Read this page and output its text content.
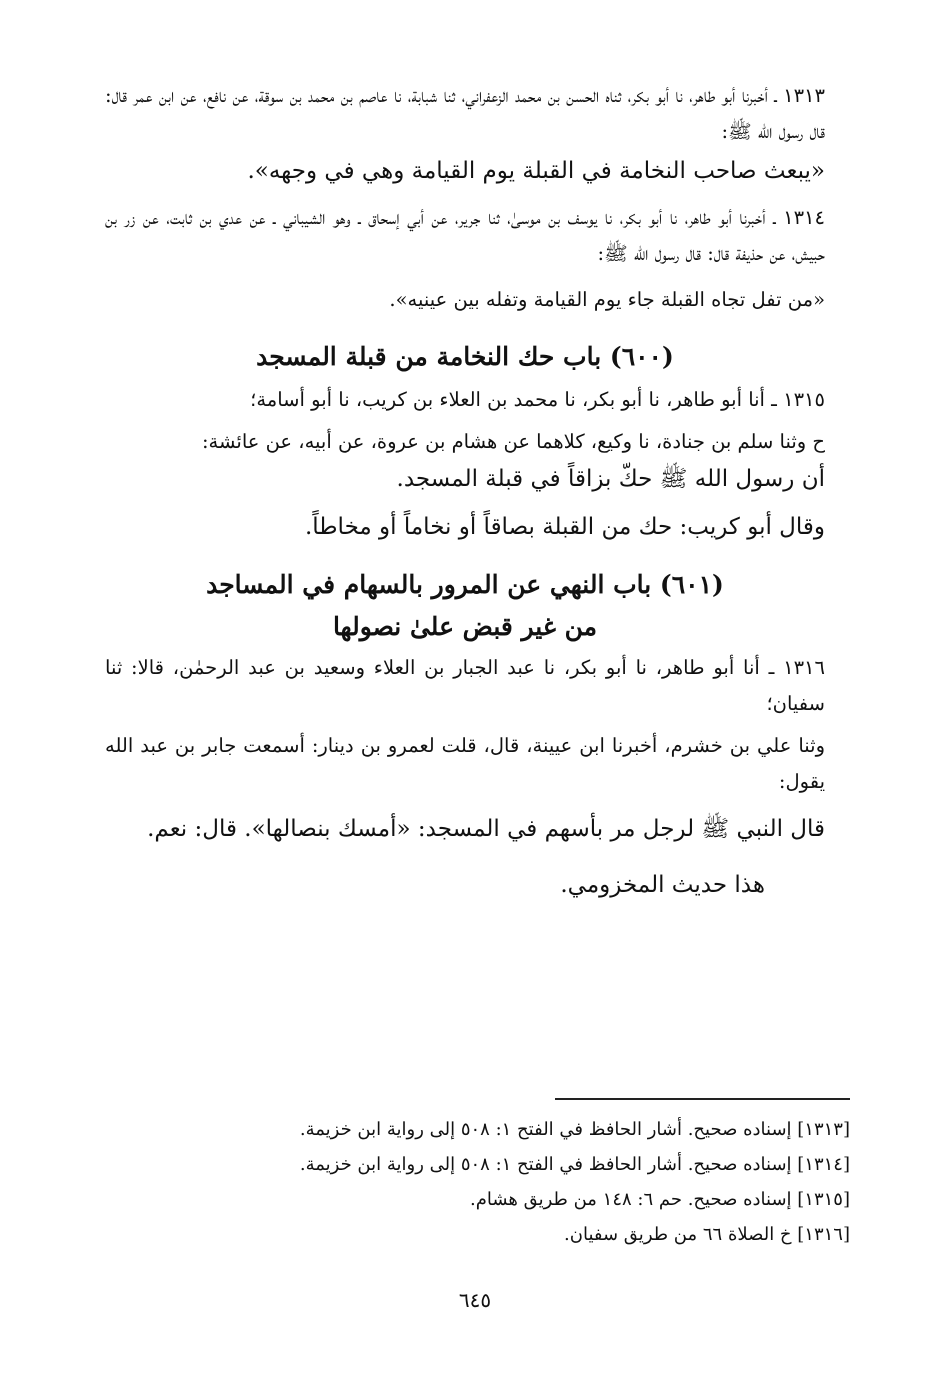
١٣١٣ ـ أخبرنا أبو طاهر، نا أبو بكر، ثناه الحسن بن محمد الزعفراني، ثنا شبابة، نا عاصم بن محمد بن سوقة، عن نافع، عن ابن عمر قال: قال رسول الله ﷺ:

«يبعث صاحب النخامة في القبلة يوم القيامة وهي في وجهه».

١٣١٤ ـ أخبرنا أبو طاهر، نا أبو بكر، نا يوسف بن موسىٰ، ثنا جرير، عن أبي إسحاق ـ وهو الشيباني ـ عن عدي بن ثابت، عن زر بن حبيش، عن حذيفة قال: قال رسول الله ﷺ:

«من تفل تجاه القبلة جاء يوم القيامة وتفله بين عينيه».

(٦٠٠) باب حك النخامة من قبلة المسجد

١٣١٥ ـ أنا أبو طاهر، نا أبو بكر، نا محمد بن العلاء بن كريب، نا أبو أسامة؛

ح وثنا سلم بن جنادة، نا وكيع، كلاهما عن هشام بن عروة، عن أبيه، عن عائشة:

أن رسول الله ﷺ حكّ بزاقاً في قبلة المسجد.

وقال أبو كريب: حك من القبلة بصاقاً أو نخاماً أو مخاطاً.

(٦٠١) باب النهي عن المرور بالسهام في المساجد

من غير قبض علىٰ نصولها

١٣١٦ ـ أنا أبو طاهر، نا أبو بكر، نا عبد الجبار بن العلاء وسعيد بن عبد الرحمٰن، قالا: ثنا سفيان؛

وثنا علي بن خشرم، أخبرنا ابن عيينة، قال، قلت لعمرو بن دينار: أسمعت جابر بن عبد الله يقول:

قال النبي ﷺ لرجل مر بأسهم في المسجد: «أمسك بنصالها». قال: نعم.

هذا حديث المخزومي.

[١٣١٣] إسناده صحيح. أشار الحافظ في الفتح ١: ٥٠٨ إلى رواية ابن خزيمة.

[١٣١٤] إسناده صحيح. أشار الحافظ في الفتح ١: ٥٠٨ إلى رواية ابن خزيمة.

[١٣١٥] إسناده صحيح. حم ٦: ١٤٨ من طريق هشام.

[١٣١٦] خ الصلاة ٦٦ من طريق سفيان.

٦٤٥
